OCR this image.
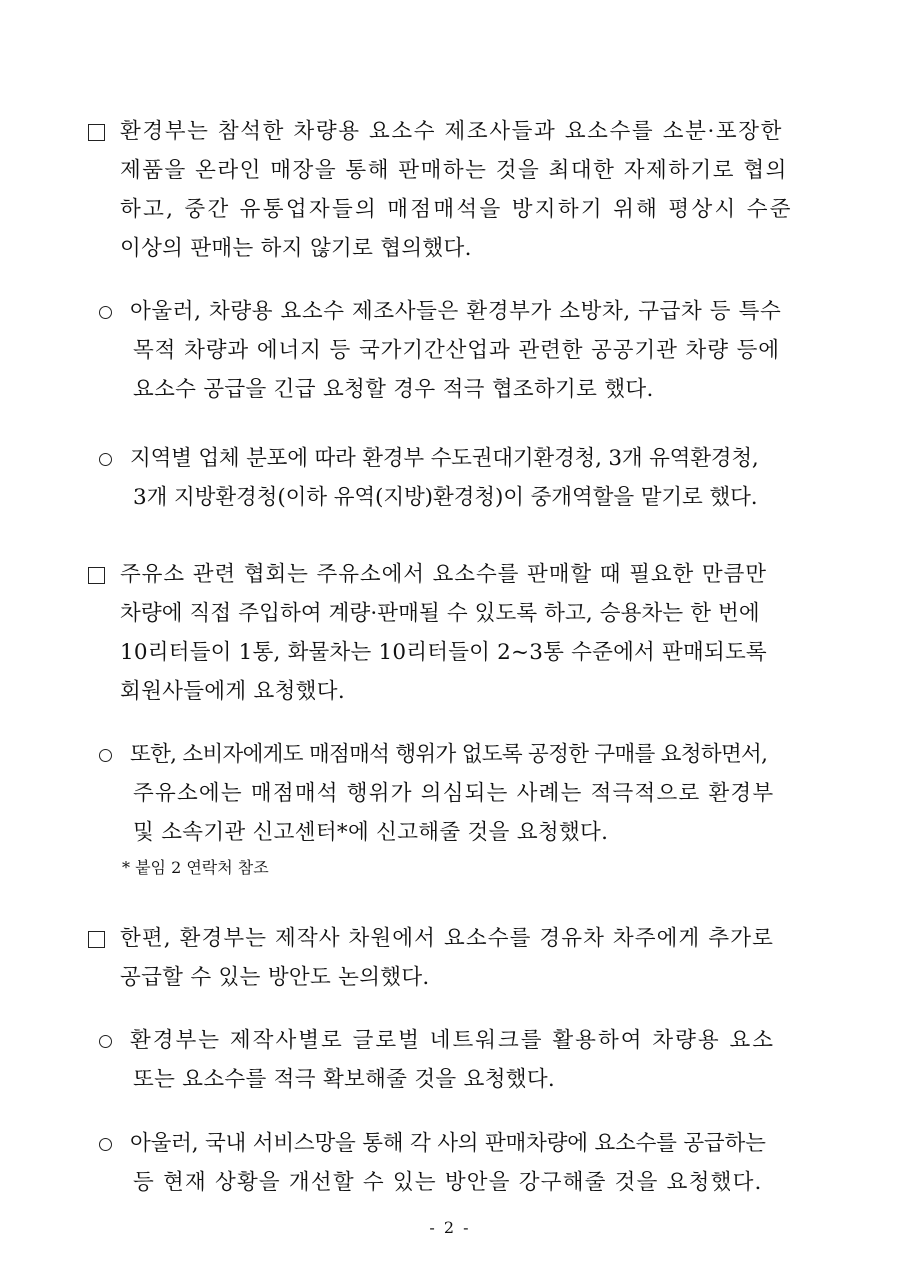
환경부는 참석한 차량용 요소수 제조사들과 요소수를 소분·포장한
제품을 온라인 매장을 통해 판매하는 것을 최대한 자제하기로 협의
하고, 중간 유통업자들의 매점매석을 방지하기 위해 평상시 수준
이상의 판매는 하지 않기로 협의했다.
아울러, 차량용 요소수 제조사들은 환경부가 소방차, 구급차 등 특수
목적 차량과 에너지 등 국가기간산업과 관련한 공공기관 차량 등에
요소수 공급을 긴급 요청할 경우 적극 협조하기로 했다.
지역별 업체 분포에 따라 환경부 수도권대기환경청, 3개 유역환경청,
3개 지방환경청(이하 유역(지방)환경청)이 중개역할을 맡기로 했다.
주유소 관련 협회는 주유소에서 요소수를 판매할 때 필요한 만큼만
차량에 직접 주입하여 계량·판매될 수 있도록 하고, 승용차는 한 번에
10리터들이 1통, 화물차는 10리터들이 2~3통 수준에서 판매되도록
회원사들에게 요청했다.
또한, 소비자에게도 매점매석 행위가 없도록 공정한 구매를 요청하면서,
주유소에는 매점매석 행위가 의심되는 사례는 적극적으로 환경부
및 소속기관 신고센터*에 신고해줄 것을 요청했다.
* 붙임 2 연락처 참조
한편, 환경부는 제작사 차원에서 요소수를 경유차 차주에게 추가로
공급할 수 있는 방안도 논의했다.
환경부는 제작사별로 글로벌 네트워크를 활용하여 차량용 요소
또는 요소수를 적극 확보해줄 것을 요청했다.
아울러, 국내 서비스망을 통해 각 사의 판매차량에 요소수를 공급하는
등 현재 상황을 개선할 수 있는 방안을 강구해줄 것을 요청했다.
- 2 -
